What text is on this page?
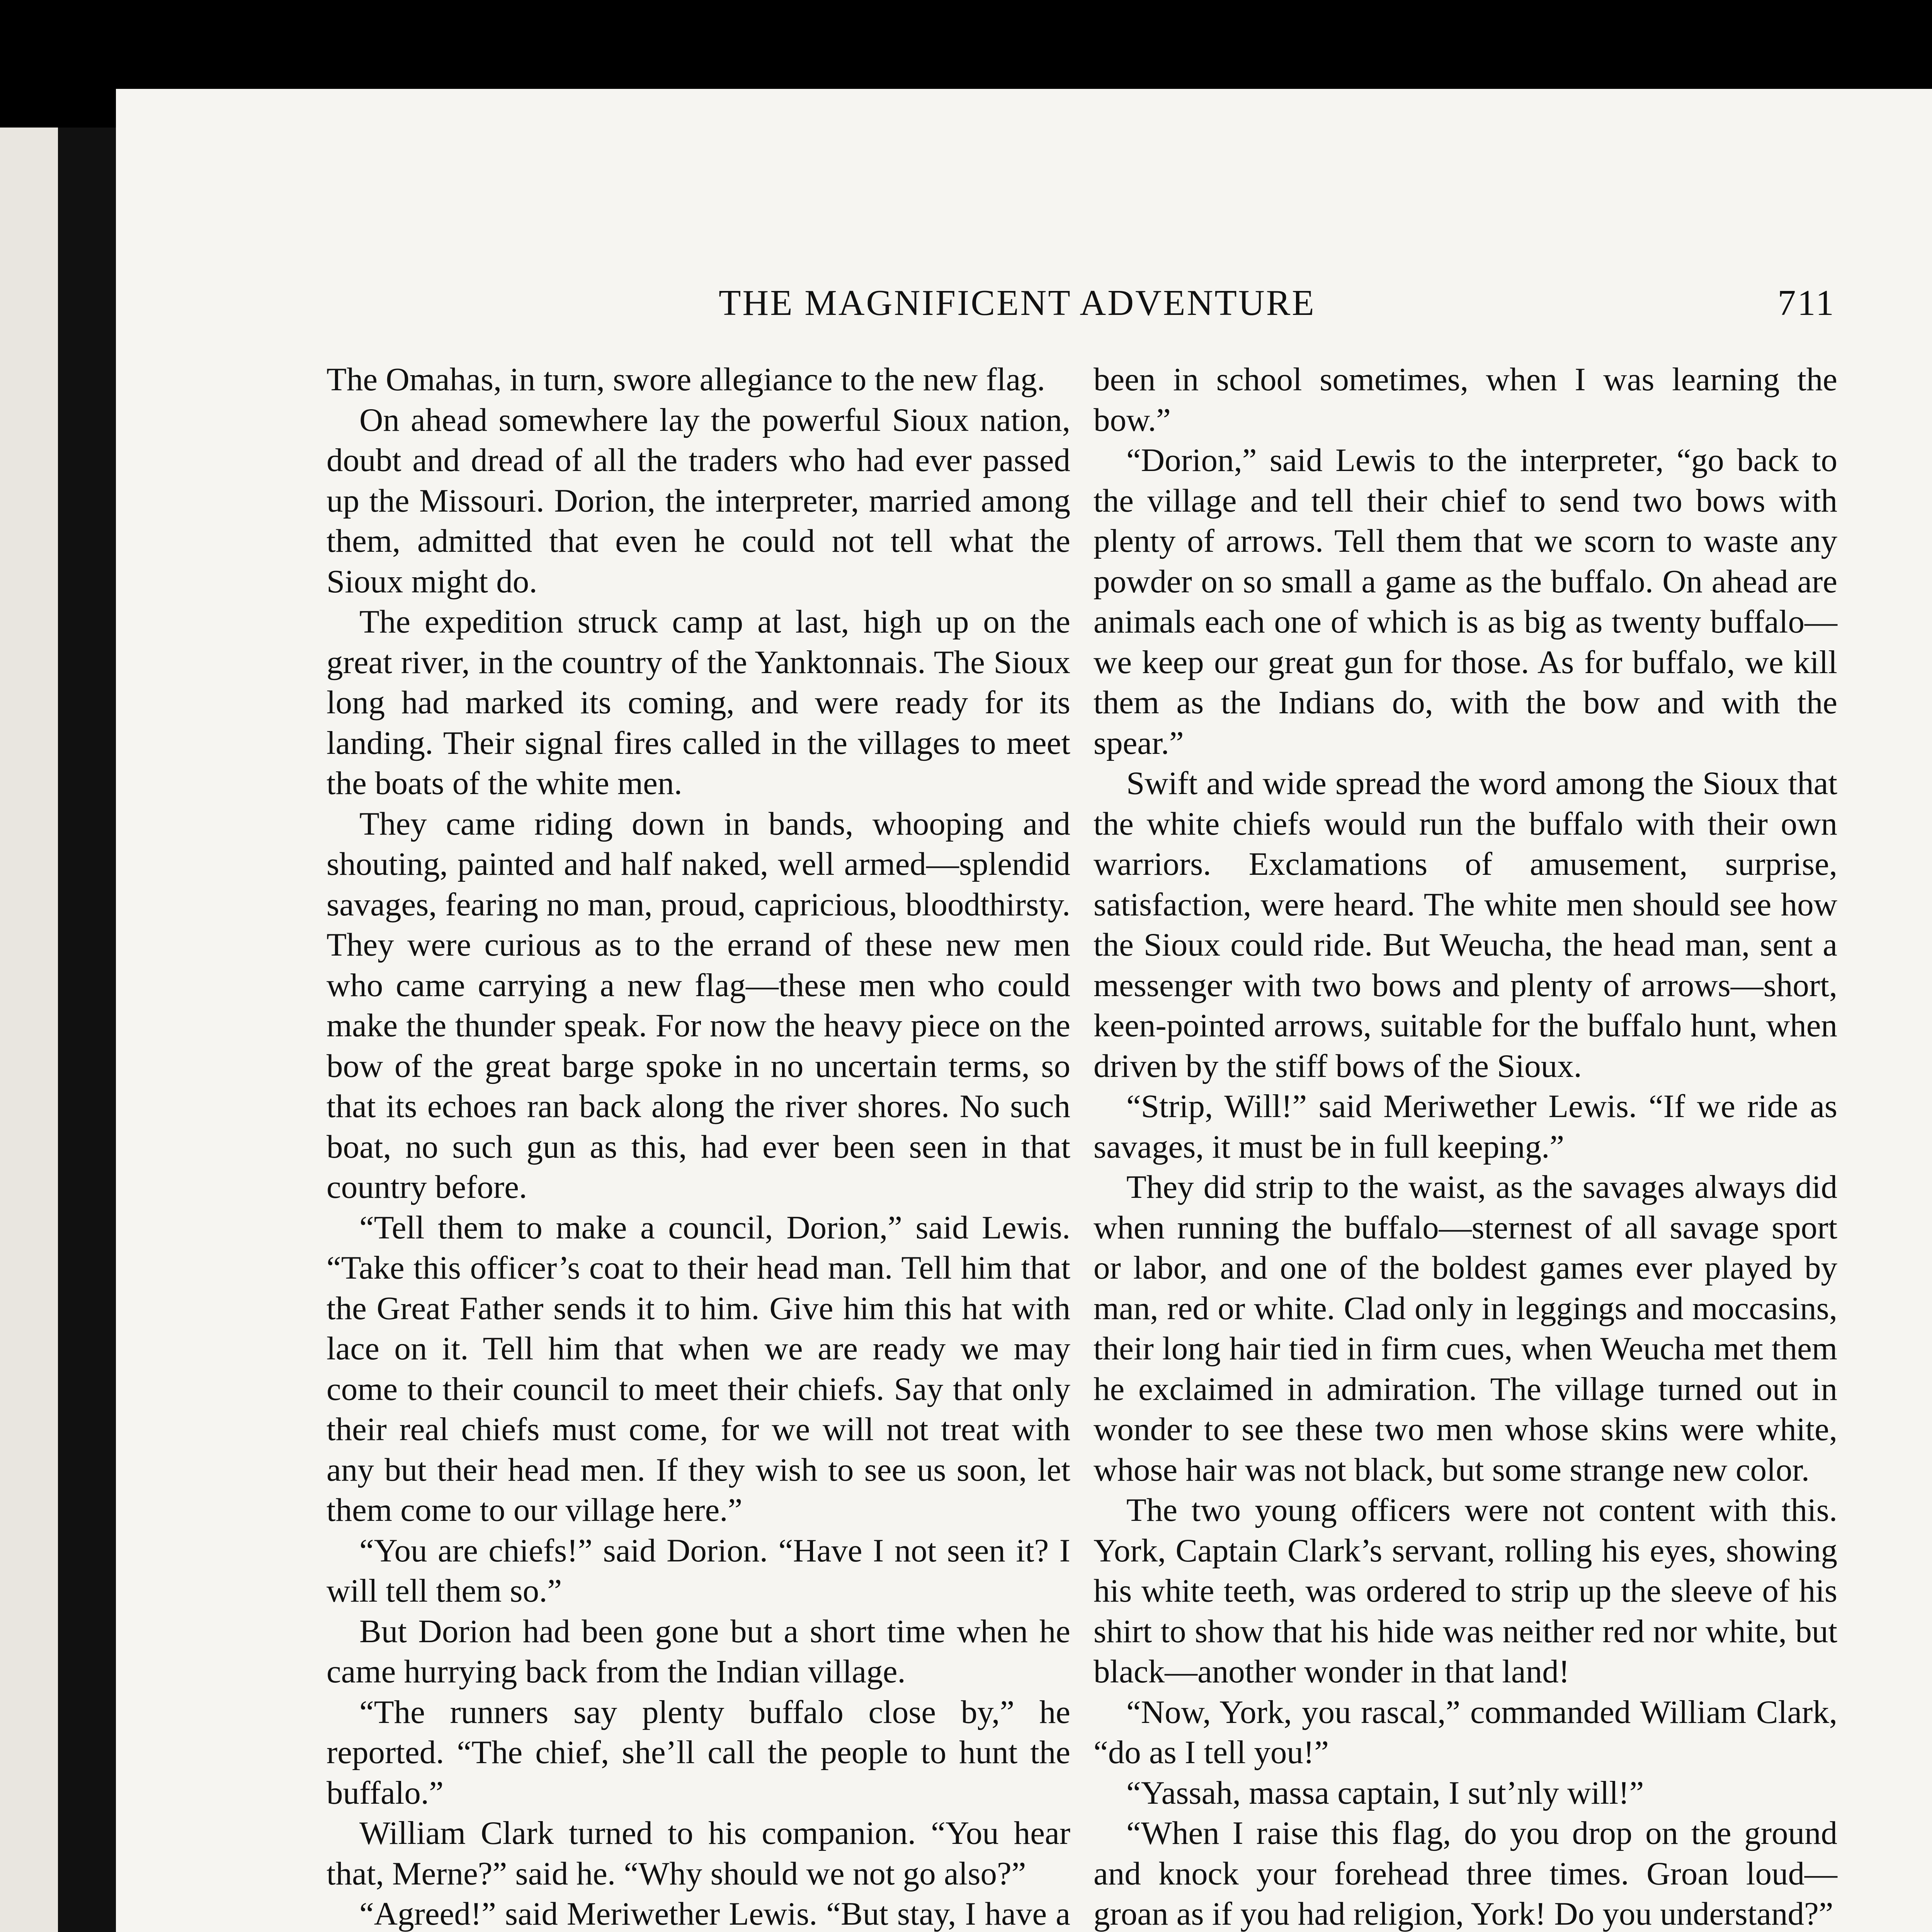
THE MAGNIFICENT ADVENTURE	711

The Omahas, in turn, swore allegiance to the new flag.

On ahead somewhere lay the powerful Sioux nation, doubt and dread of all the traders who had ever passed up the Missouri. Dorion, the interpreter, married among them, admitted that even he could not tell what the Sioux might do.

The expedition struck camp at last, high up on the great river, in the country of the Yanktonnais. The Sioux long had marked its coming, and were ready for its landing. Their signal fires called in the villages to meet the boats of the white men.

They came riding down in bands, whooping and shouting, painted and half naked, well armed—splendid savages, fearing no man, proud, capricious, bloodthirsty. They were curious as to the errand of these new men who came carrying a new flag—these men who could make the thunder speak. For now the heavy piece on the bow of the great barge spoke in no uncertain terms, so that its echoes ran back along the river shores. No such boat, no such gun as this, had ever been seen in that country before.

“Tell them to make a council, Dorion,” said Lewis. “Take this officer’s coat to their head man. Tell him that the Great Father sends it to him. Give him this hat with lace on it. Tell him that when we are ready we may come to their council to meet their chiefs. Say that only their real chiefs must come, for we will not treat with any but their head men. If they wish to see us soon, let them come to our village here.”

“You are chiefs!” said Dorion. “Have I not seen it? I will tell them so.”

But Dorion had been gone but a short time when he came hurrying back from the Indian village.

“The runners say plenty buffalo close by,” he reported. “The chief, she’ll call the people to hunt the buffalo.”

William Clark turned to his companion. “You hear that, Merne?” said he. “Why should we not go also?”

“Agreed!” said Meriwether Lewis. “But stay, I have a

been in school sometimes, when I was learning the bow.”

“Dorion,” said Lewis to the interpreter, “go back to the village and tell their chief to send two bows with plenty of arrows. Tell them that we scorn to waste any powder on so small a game as the buffalo. On ahead are animals each one of which is as big as twenty buffalo—we keep our great gun for those. As for buffalo, we kill them as the Indians do, with the bow and with the spear.”

Swift and wide spread the word among the Sioux that the white chiefs would run the buffalo with their own warriors. Exclamations of amusement, surprise, satisfaction, were heard. The white men should see how the Sioux could ride. But Weucha, the head man, sent a messenger with two bows and plenty of arrows—short, keen-pointed arrows, suitable for the buffalo hunt, when driven by the stiff bows of the Sioux.

“Strip, Will!” said Meriwether Lewis. “If we ride as savages, it must be in full keeping.”

They did strip to the waist, as the savages always did when running the buffalo—sternest of all savage sport or labor, and one of the boldest games ever played by man, red or white. Clad only in leggings and moccasins, their long hair tied in firm cues, when Weucha met them he exclaimed in admiration. The village turned out in wonder to see these two men whose skins were white, whose hair was not black, but some strange new color.

The two young officers were not content with this. York, Captain Clark’s servant, rolling his eyes, showing his white teeth, was ordered to strip up the sleeve of his shirt to show that his hide was neither red nor white, but black—another wonder in that land!

“Now, York, you rascal,” commanded William Clark, “do as I tell you!”

“Yassah, massa captain, I sut’nly will!”

“When I raise this flag, do you drop on the ground and knock your forehead three times. Groan loud—groan as if you had religion, York! Do you understand?”
